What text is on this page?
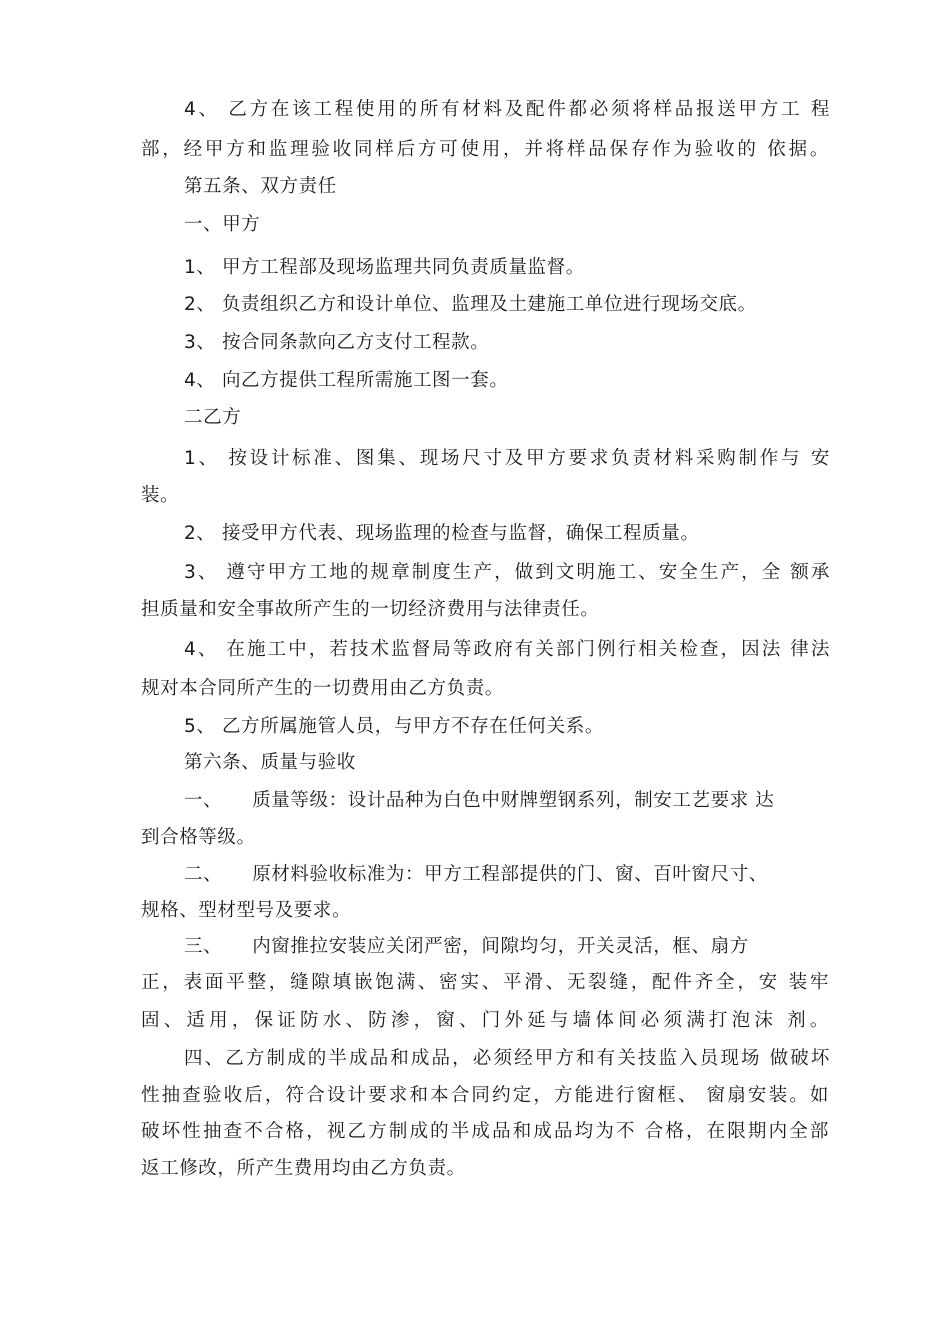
4、 乙方在该工程使用的所有材料及配件都必须将样品报送甲方工 程
部，经甲方和监理验收同样后方可使用，并将样品保存作为验收的 依据。
第五条、双方责任
一、甲方
1、 甲方工程部及现场监理共同负责质量监督。
2、 负责组织乙方和设计单位、监理及土建施工单位进行现场交底。
3、 按合同条款向乙方支付工程款。
4、 向乙方提供工程所需施工图一套。
二乙方
1、 按设计标准、图集、现场尺寸及甲方要求负责材料采购制作与 安
装。
2、 接受甲方代表、现场监理的检查与监督，确保工程质量。
3、 遵守甲方工地的规章制度生产，做到文明施工、安全生产，全 额承
担质量和安全事故所产生的一切经济费用与法律责任。
4、 在施工中，若技术监督局等政府有关部门例行相关检查，因法 律法
规对本合同所产生的一切费用由乙方负责。
5、 乙方所属施管人员，与甲方不存在任何关系。
第六条、质量与验收
一、 质量等级：设计品种为白色中财牌塑钢系列，制安工艺要求 达
到合格等级。
二、 原材料验收标准为：甲方工程部提供的门、窗、百叶窗尺寸、
规格、型材型号及要求。
三、 内窗推拉安装应关闭严密，间隙均匀，开关灵活，框、扇方
正，表面平整，缝隙填嵌饱满、密实、平滑、无裂缝，配件齐全，安 装牢
固、适用，保证防水、防渗，窗、门外延与墙体间必须满打泡沫 剂。
四、乙方制成的半成品和成品，必须经甲方和有关技监入员现场 做破坏
性抽查验收后，符合设计要求和本合同约定，方能进行窗框、 窗扇安装。如
破坏性抽查不合格，视乙方制成的半成品和成品均为不 合格，在限期内全部
返工修改，所产生费用均由乙方负责。
